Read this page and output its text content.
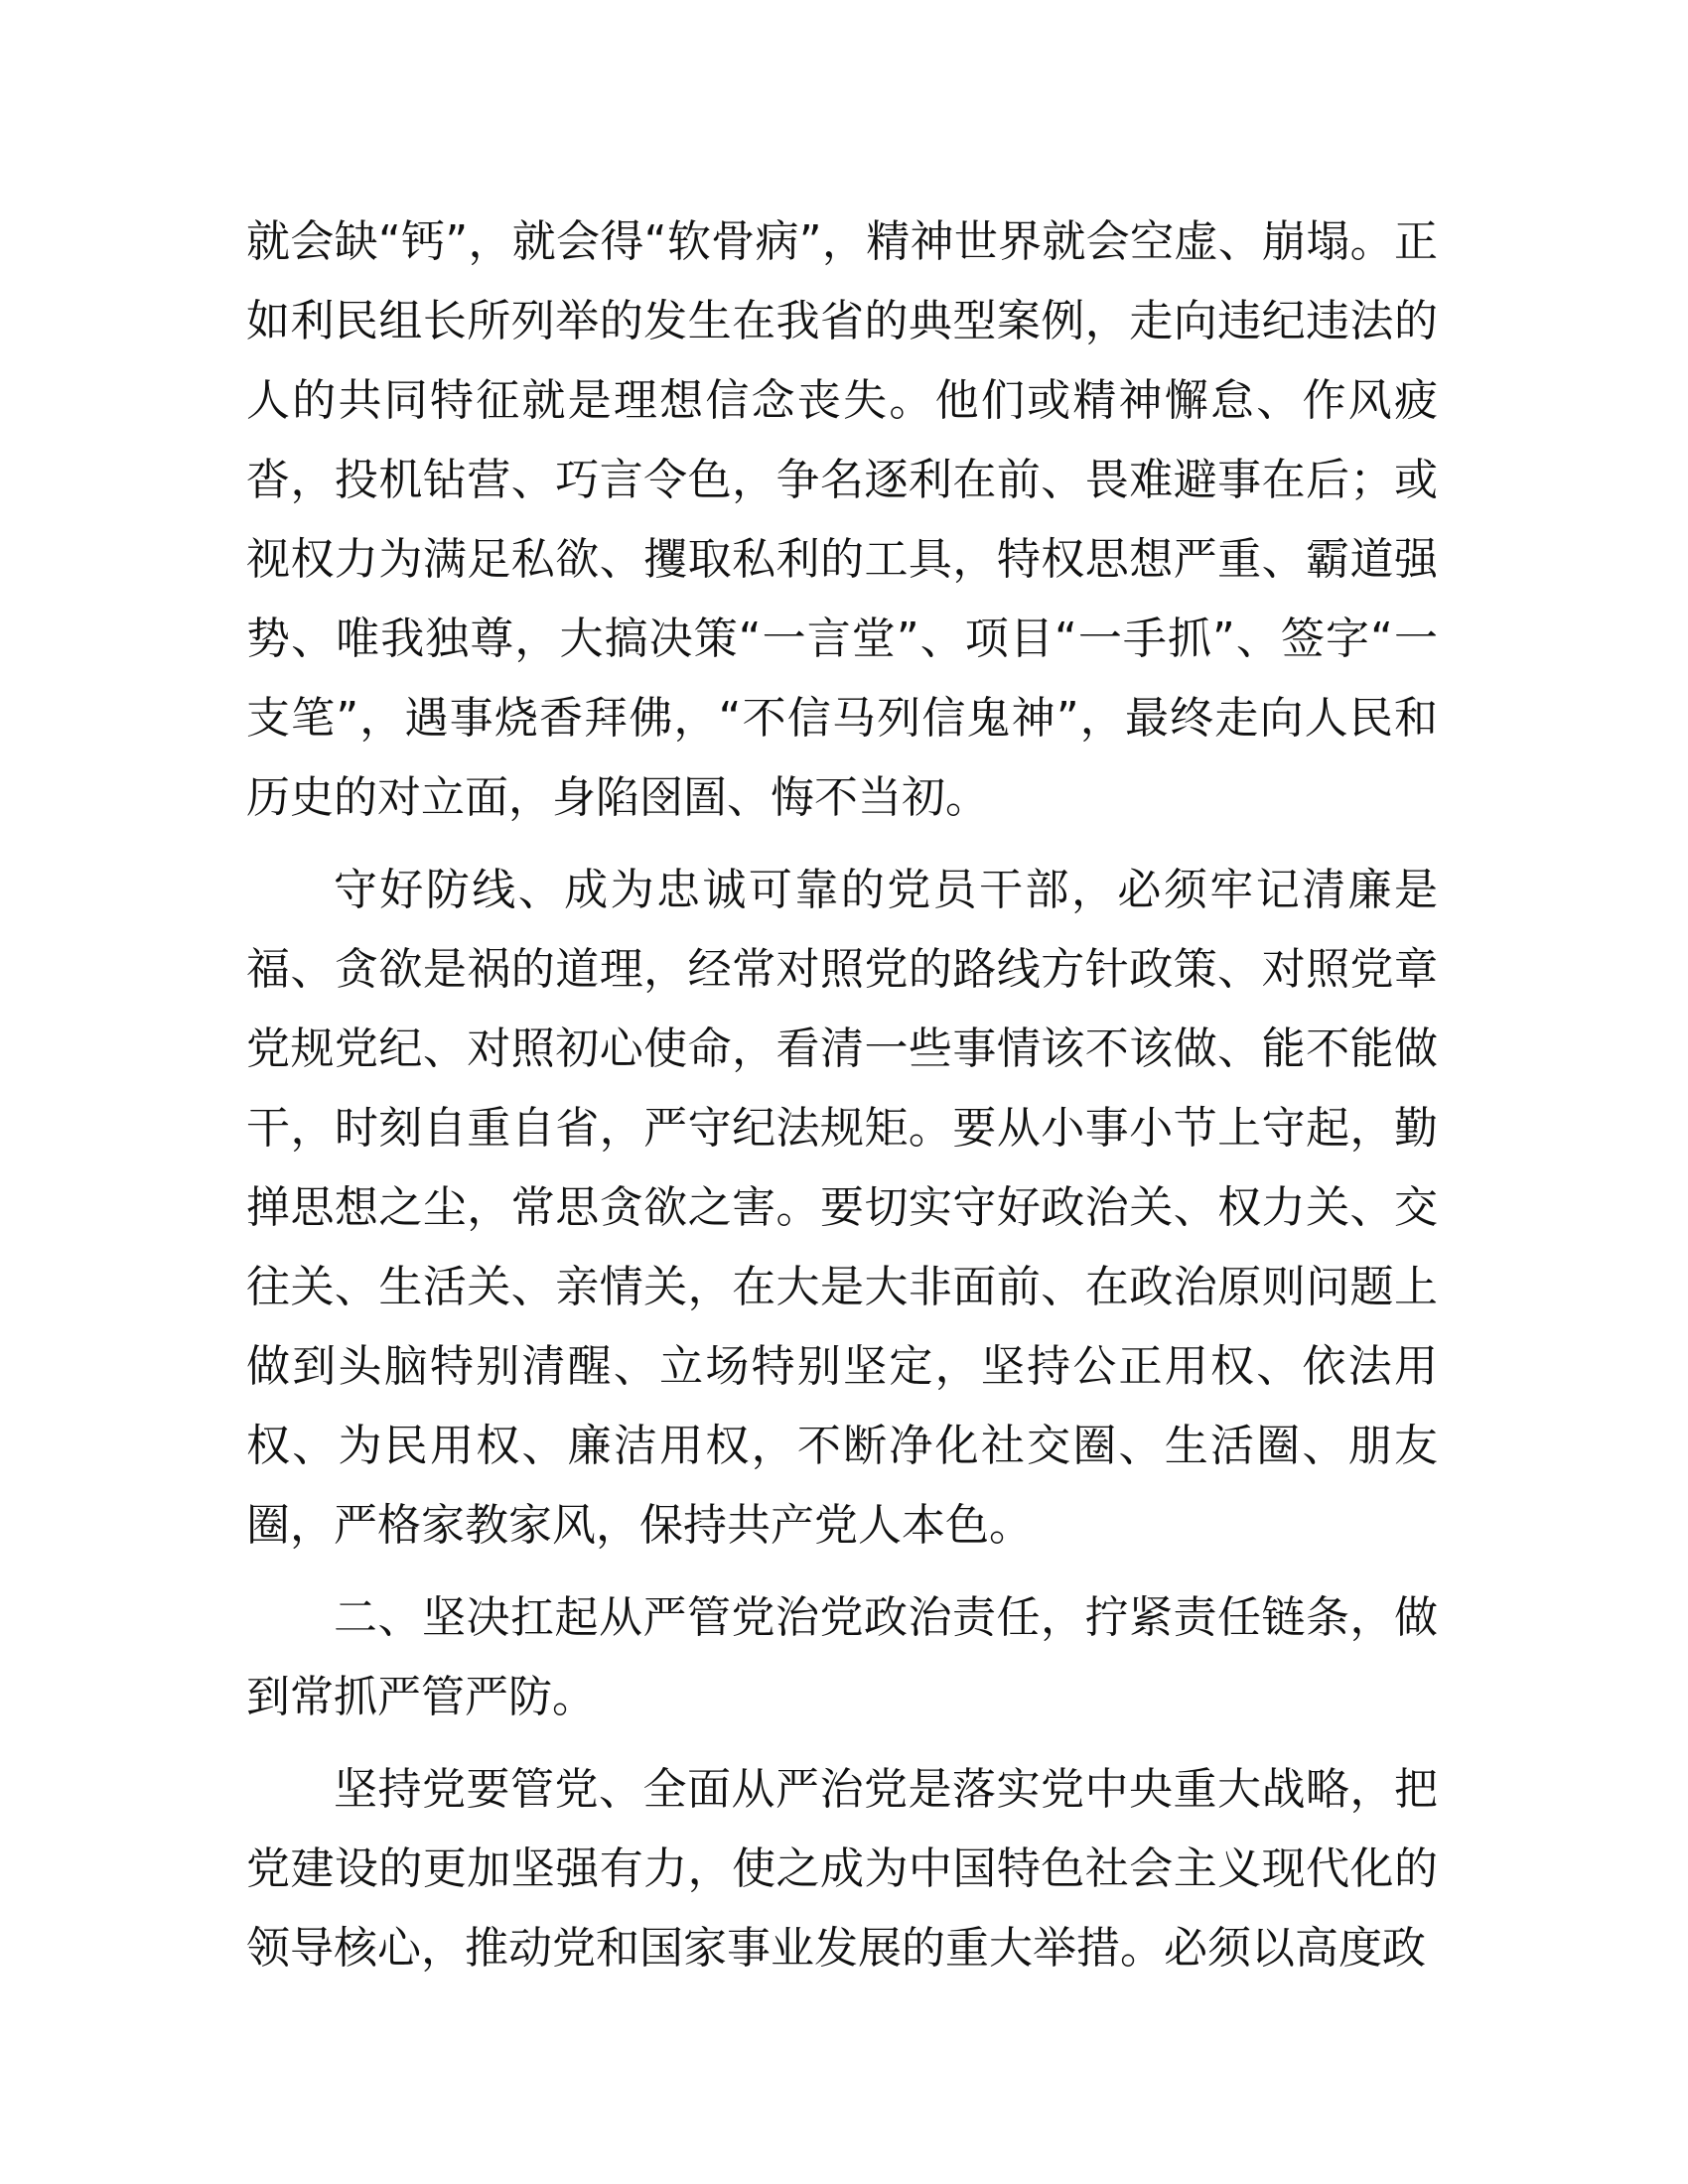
就会缺“钙”，就会得“软骨病”，精神世界就会空虚、崩塌。正如利民组长所列举的发生在我省的典型案例，走向违纪违法的人的共同特征就是理想信念丧失。他们或精神懈怠、作风疲沓，投机钻营、巧言令色，争名逐利在前、畏难避事在后；或视权力为满足私欲、攫取私利的工具，特权思想严重、霸道强势、唯我独尊，大搞决策“一言堂”、项目“一手抓”、签字“一支笔”，遇事烧香拜佛，“不信马列信鬼神”，最终走向人民和历史的对立面，身陷囹圄、悔不当初。

守好防线、成为忠诚可靠的党员干部，必须牢记清廉是福、贪欲是祸的道理，经常对照党的路线方针政策、对照党章党规党纪、对照初心使命，看清一些事情该不该做、能不能做干，时刻自重自省，严守纪法规矩。要从小事小节上守起，勤掸思想之尘，常思贪欲之害。要切实守好政治关、权力关、交往关、生活关、亲情关，在大是大非面前、在政治原则问题上做到头脑特别清醒、立场特别坚定，坚持公正用权、依法用权、为民用权、廉洁用权，不断净化社交圈、生活圈、朋友圈，严格家教家风，保持共产党人本色。

二、坚决扛起从严管党治党政治责任，拧紧责任链条，做到常抓严管严防。

坚持党要管党、全面从严治党是落实党中央重大战略，把党建设的更加坚强有力，使之成为中国特色社会主义现代化的领导核心，推动党和国家事业发展的重大举措。必须以高度政
